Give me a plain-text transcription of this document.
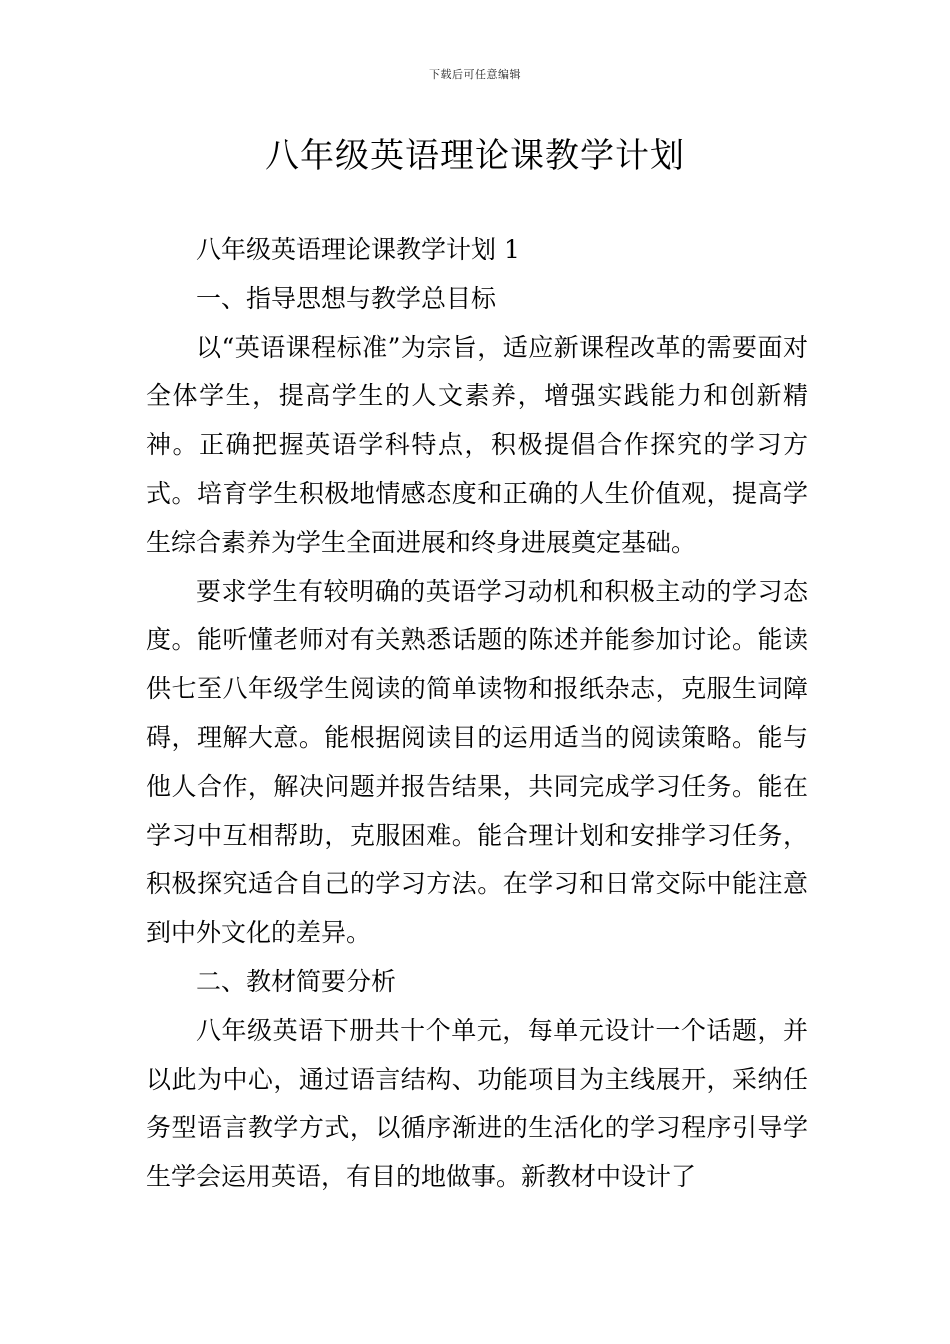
下载后可任意编辑
八年级英语理论课教学计划

八年级英语理论课教学计划 1

一、指导思想与教学总目标

以“英语课程标准”为宗旨，适应新课程改革的需要面对全体学生，提高学生的人文素养，增强实践能力和创新精神。正确把握英语学科特点，积极提倡合作探究的学习方式。培育学生积极地情感态度和正确的人生价值观，提高学生综合素养为学生全面进展和终身进展奠定基础。

要求学生有较明确的英语学习动机和积极主动的学习态度。能听懂老师对有关熟悉话题的陈述并能参加讨论。能读供七至八年级学生阅读的简单读物和报纸杂志，克服生词障碍，理解大意。能根据阅读目的运用适当的阅读策略。能与他人合作，解决问题并报告结果，共同完成学习任务。能在学习中互相帮助，克服困难。能合理计划和安排学习任务，积极探究适合自己的学习方法。在学习和日常交际中能注意到中外文化的差异。

二、教材简要分析

八年级英语下册共十个单元，每单元设计一个话题，并以此为中心，通过语言结构、功能项目为主线展开，采纳任务型语言教学方式，以循序渐进的生活化的学习程序引导学生学会运用英语，有目的地做事。新教材中设计了
